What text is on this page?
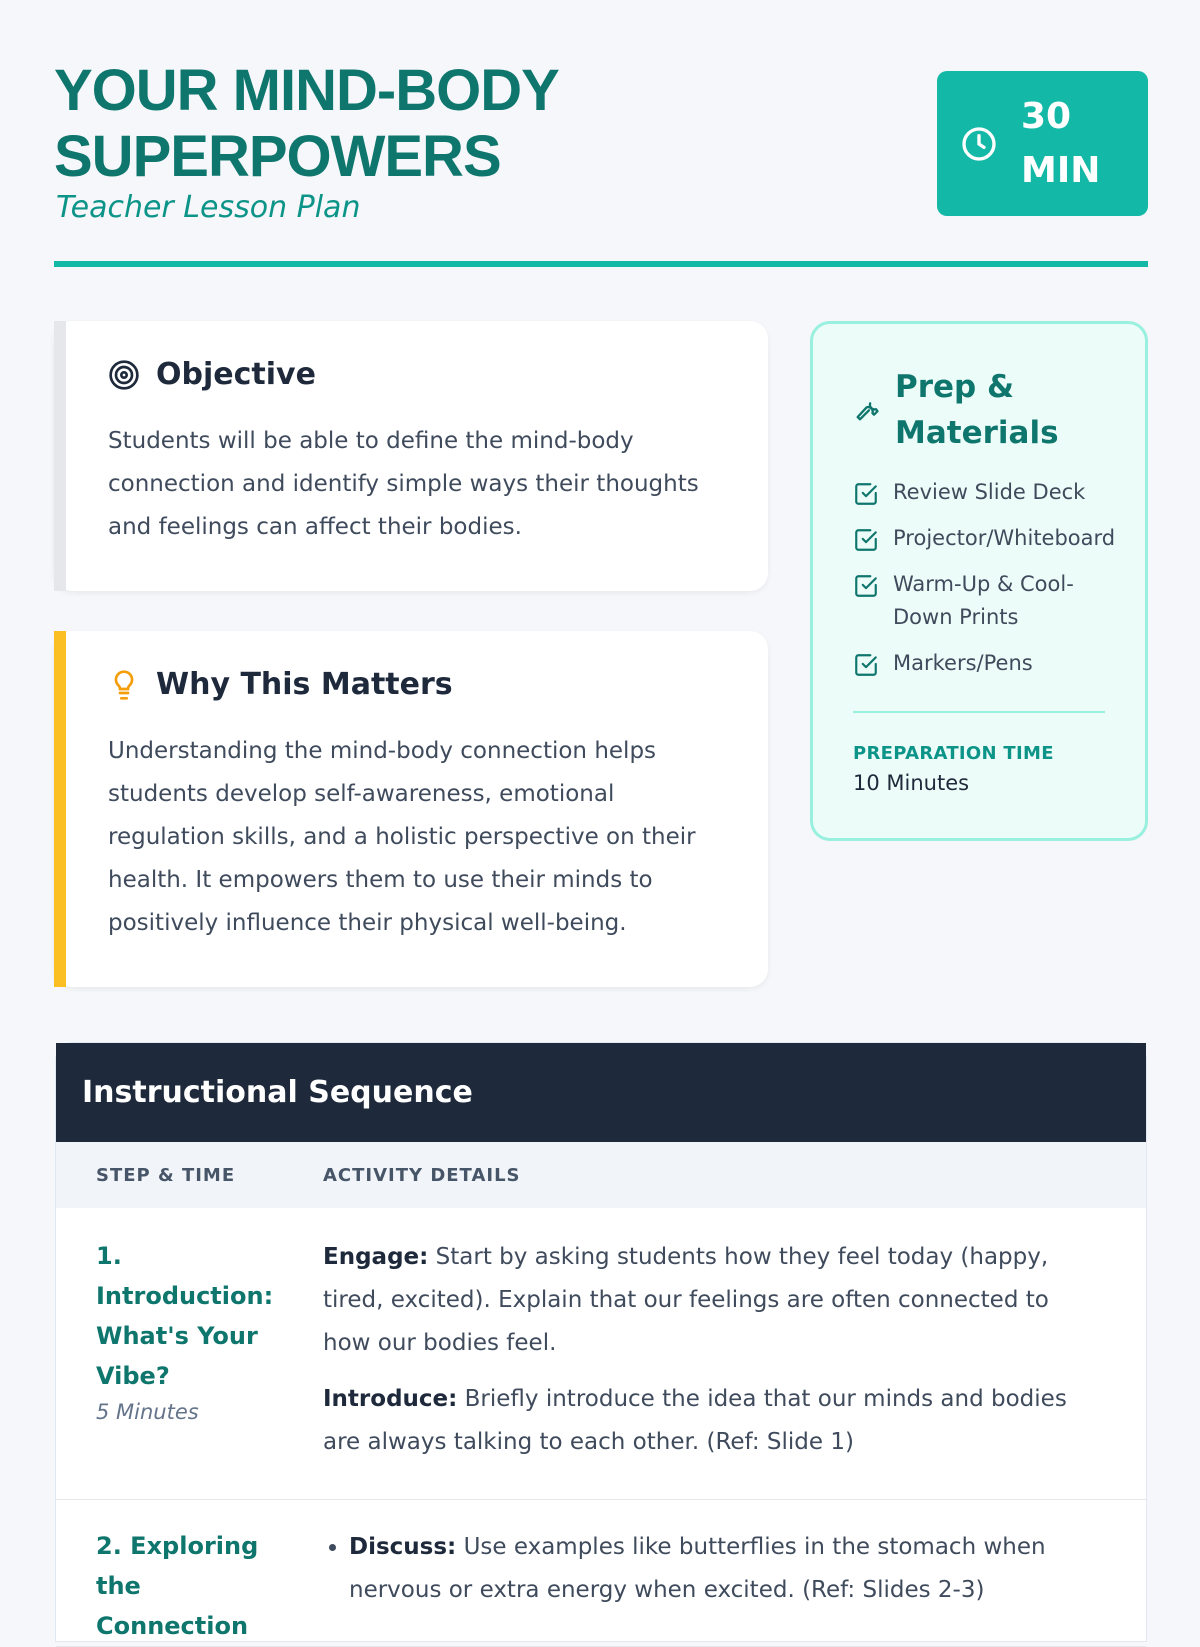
YOUR MIND-BODY
SUPERPOWERS
Teacher Lesson Plan
30
MIN
Objective

Students will be able to define the mind-body connection and identify simple ways their thoughts and feelings can affect their bodies.

Why This Matters

Understanding the mind-body connection helps students develop self-awareness, emotional regulation skills, and a holistic perspective on their health. It empowers them to use their minds to positively influence their physical well-being.

Prep & Materials
Review Slide Deck
Projector/Whiteboard
Warm-Up & Cool-Down Prints
Markers/Pens
PREPARATION TIME
10 Minutes
Instructional Sequence
STEP & TIME	ACTIVITY DETAILS
1. Introduction: What's Your Vibe?
5 Minutes

Engage: Start by asking students how they feel today (happy, tired, excited). Explain that our feelings are often connected to how our bodies feel.

Introduce: Briefly introduce the idea that our minds and bodies are always talking to each other. (Ref: Slide 1)

2. Exploring the Connection
• Discuss: Use examples like butterflies in the stomach when nervous or extra energy when excited. (Ref: Slides 2-3)
